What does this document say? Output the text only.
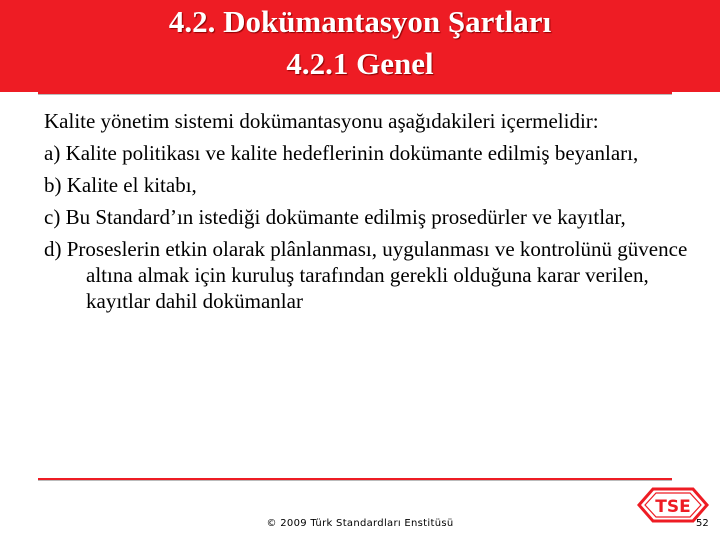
4.2. Dokümantasyon Şartları
4.2.1 Genel

Kalite yönetim sistemi dokümantasyonu aşağıdakileri içermelidir:

a) Kalite politikası ve kalite hedeflerinin dokümante edilmiş beyanları,

b) Kalite el kitabı,

c) Bu Standard’ın istediği dokümante edilmiş prosedürler ve kayıtlar,

d) Proseslerin etkin olarak plânlanması, uygulanması ve kontrolünü güvence altına almak için kuruluş tarafından gerekli olduğuna karar verilen, kayıtlar dahil dokümanlar

TSE
© 2009 Türk Standardları Enstitüsü	52
